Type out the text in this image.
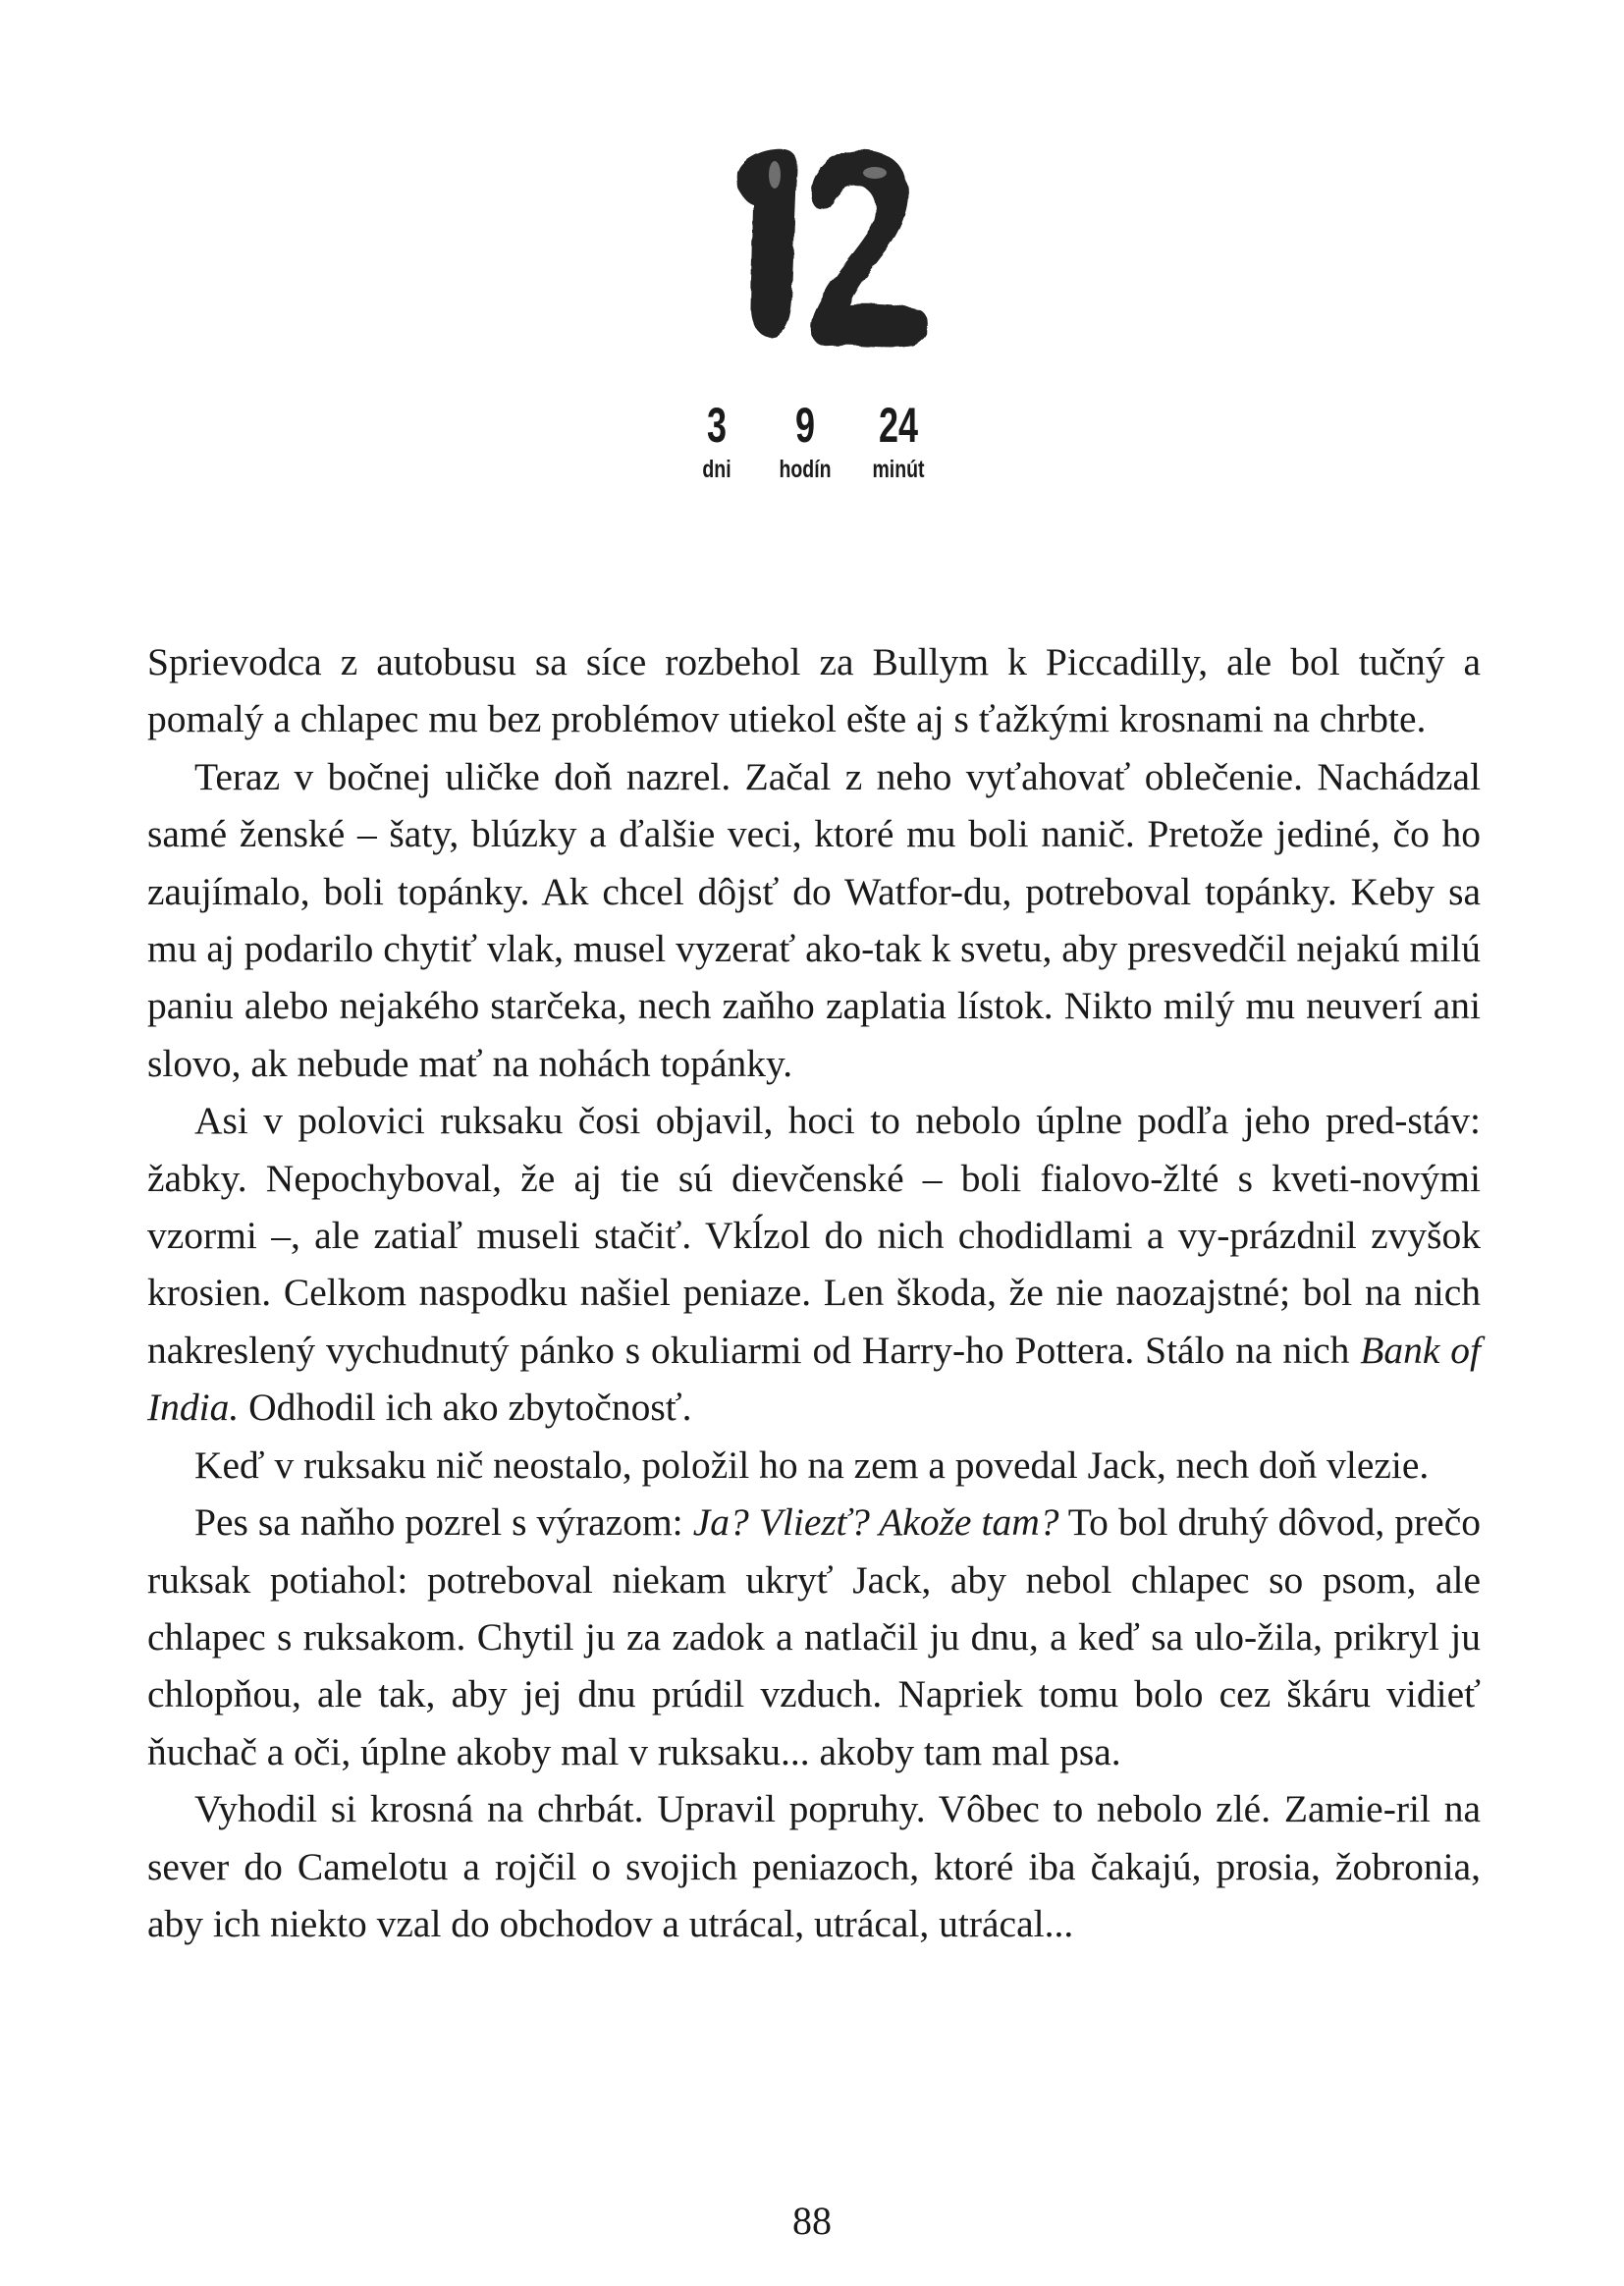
3
dni
9
hodín
24
minút

Sprievodca z autobusu sa síce rozbehol za Bullym k Piccadilly, ale bol tučný a pomalý a chlapec mu bez problémov utiekol ešte aj s ťažkými krosnami na chrbte.

Teraz v bočnej uličke doň nazrel. Začal z neho vyťahovať oblečenie. Nachádzal samé ženské – šaty, blúzky a ďalšie veci, ktoré mu boli nanič. Pretože jediné, čo ho zaujímalo, boli topánky. Ak chcel dôjsť do Watfor-du, potreboval topánky. Keby sa mu aj podarilo chytiť vlak, musel vyzerať ako-tak k svetu, aby presvedčil nejakú milú paniu alebo nejakého starčeka, nech zaňho zaplatia lístok. Nikto milý mu neuverí ani slovo, ak nebude mať na nohách topánky.

Asi v polovici ruksaku čosi objavil, hoci to nebolo úplne podľa jeho pred-stáv: žabky. Nepochyboval, že aj tie sú dievčenské – boli fialovo-žlté s kveti-novými vzormi –, ale zatiaľ museli stačiť. Vkĺzol do nich chodidlami a vy-prázdnil zvyšok krosien. Celkom naspodku našiel peniaze. Len škoda, že nie naozajstné; bol na nich nakreslený vychudnutý pánko s okuliarmi od Harry-ho Pottera. Stálo na nich Bank of India. Odhodil ich ako zbytočnosť.

Keď v ruksaku nič neostalo, položil ho na zem a povedal Jack, nech doň vlezie.

Pes sa naňho pozrel s výrazom: Ja? Vliezť? Akože tam? To bol druhý dôvod, prečo ruksak potiahol: potreboval niekam ukryť Jack, aby nebol chlapec so psom, ale chlapec s ruksakom. Chytil ju za zadok a natlačil ju dnu, a keď sa ulo-žila, prikryl ju chlopňou, ale tak, aby jej dnu prúdil vzduch. Napriek tomu bolo cez škáru vidieť ňuchač a oči, úplne akoby mal v ruksaku... akoby tam mal psa.

Vyhodil si krosná na chrbát. Upravil popruhy. Vôbec to nebolo zlé. Zamie-ril na sever do Camelotu a rojčil o svojich peniazoch, ktoré iba čakajú, prosia, žobronia, aby ich niekto vzal do obchodov a utrácal, utrácal, utrácal...

88
